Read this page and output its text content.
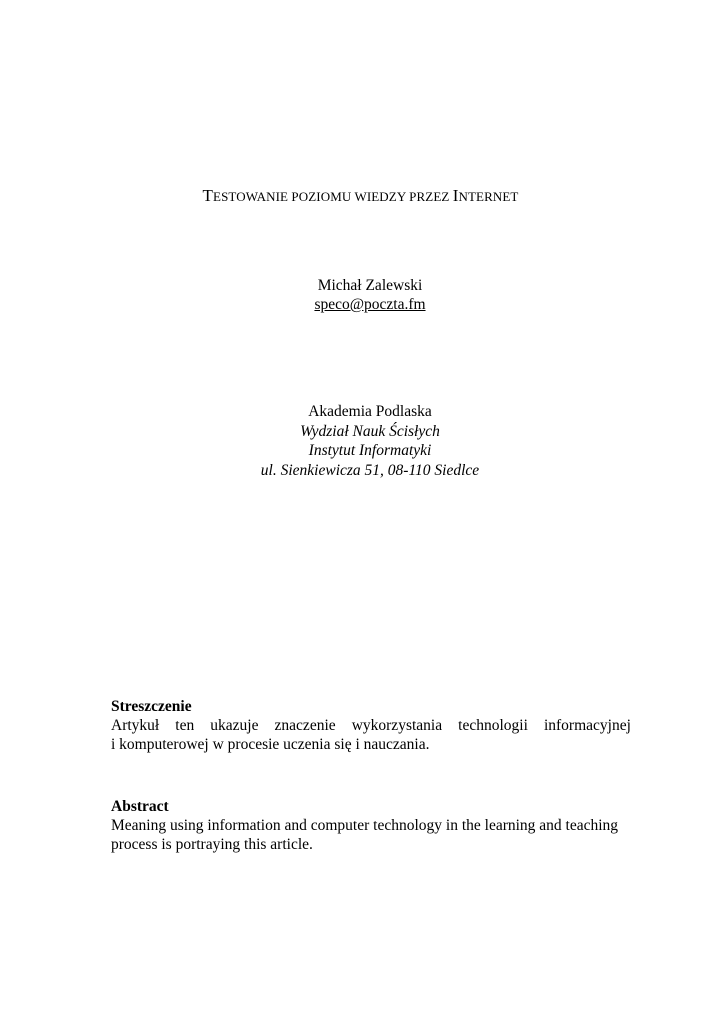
TESTOWANIE POZIOMU WIEDZY PRZEZ INTERNET
Michał Zalewski
speco@poczta.fm
Akademia Podlaska
Wydział Nauk Ścisłych
Instytut Informatyki
ul. Sienkiewicza 51, 08-110 Siedlce
Streszczenie
Artykuł ten ukazuje znaczenie wykorzystania technologii informacyjnej
i komputerowej w procesie uczenia się i nauczania.
Abstract
Meaning using information and computer technology in the learning and teaching
process is portraying this article.
